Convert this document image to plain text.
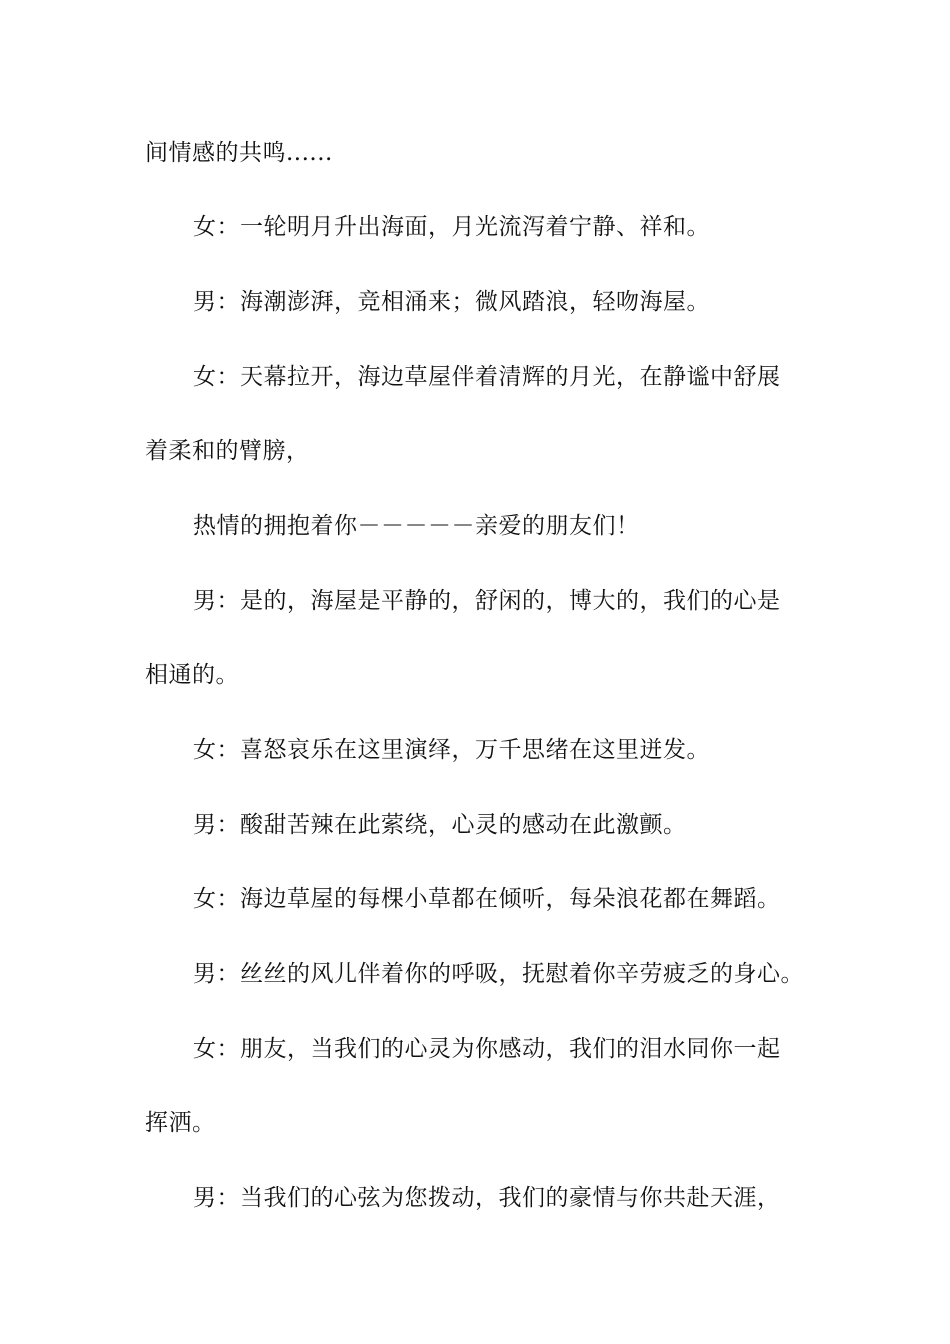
间情感的共鸣......
女：一轮明月升出海面，月光流泻着宁静、祥和。
男：海潮澎湃，竞相涌来；微风踏浪，轻吻海屋。
女：天幕拉开，海边草屋伴着清辉的月光，在静谧中舒展
着柔和的臂膀，
热情的拥抱着你－－－－－亲爱的朋友们！
男：是的，海屋是平静的，舒闲的，博大的，我们的心是
相通的。
女：喜怒哀乐在这里演绎，万千思绪在这里迸发。
男：酸甜苦辣在此萦绕，心灵的感动在此激颤。
女：海边草屋的每棵小草都在倾听，每朵浪花都在舞蹈。
男：丝丝的风儿伴着你的呼吸，抚慰着你辛劳疲乏的身心。
女：朋友，当我们的心灵为你感动，我们的泪水同你一起
挥洒。
男：当我们的心弦为您拨动，我们的豪情与你共赴天涯，
